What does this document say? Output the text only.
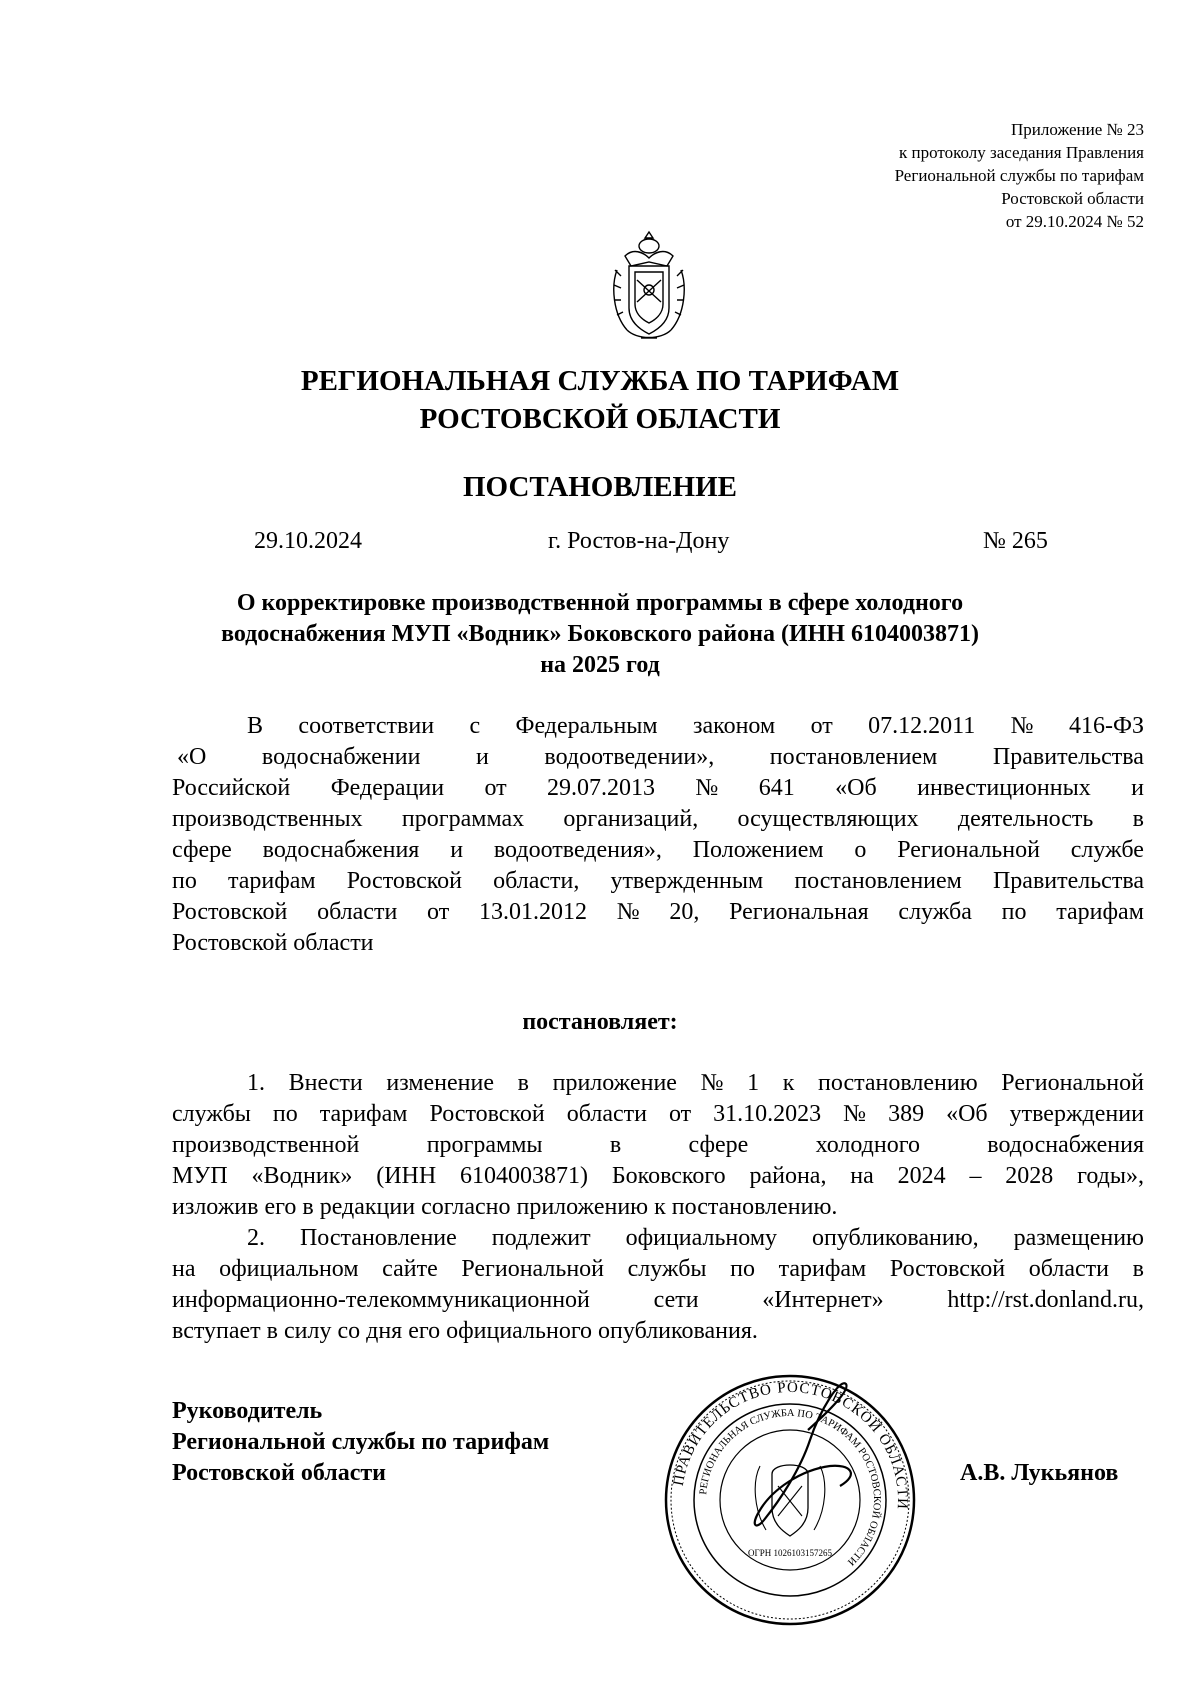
Приложение № 23
к протоколу заседания Правления
Региональной службы по тарифам
Ростовской области
от 29.10.2024 № 52
РЕГИОНАЛЬНАЯ СЛУЖБА ПО ТАРИФАМ
РОСТОВСКОЙ ОБЛАСТИ
ПОСТАНОВЛЕНИЕ
29.10.2024	г. Ростов-на-Дону	№ 265
О корректировке производственной программы в сфере холодного
водоснабжения МУП «Водник» Боковского района (ИНН 6104003871)
на 2025 год
В соответствии с Федеральным законом от 07.12.2011 № 416-ФЗ
«О водоснабжении и водоотведении», постановлением Правительства
Российской Федерации от 29.07.2013 № 641 «Об инвестиционных и
производственных программах организаций, осуществляющих деятельность в
сфере водоснабжения и водоотведения», Положением о Региональной службе
по тарифам Ростовской области, утвержденным постановлением Правительства
Ростовской области от 13.01.2012 № 20, Региональная служба по тарифам
Ростовской области
постановляет:
1. Внести изменение в приложение № 1 к постановлению Региональной
службы по тарифам Ростовской области от 31.10.2023 № 389 «Об утверждении
производственной	программы	в	сфере	холодного	водоснабжения
МУП «Водник» (ИНН 6104003871) Боковского района, на 2024 – 2028 годы»,
изложив его в редакции согласно приложению к постановлению.
2. Постановление подлежит официальному опубликованию, размещению
на официальном сайте Региональной службы по тарифам Ростовской области в
информационно-телекоммуникационной	сети	«Интернет»	http://rst.donland.ru,
вступает в силу со дня его официального опубликования.
Руководитель
Региональной службы по тарифам
Ростовской области	А.В. Лукьянов
ПРАВИТЕЛЬСТВО РОСТОВСКОЙ ОБЛАСТИ
РЕГИОНАЛЬНАЯ СЛУЖБА ПО ТАРИФАМ РОСТОВСКОЙ ОБЛАСТИ
ОГРН 1026103157265
